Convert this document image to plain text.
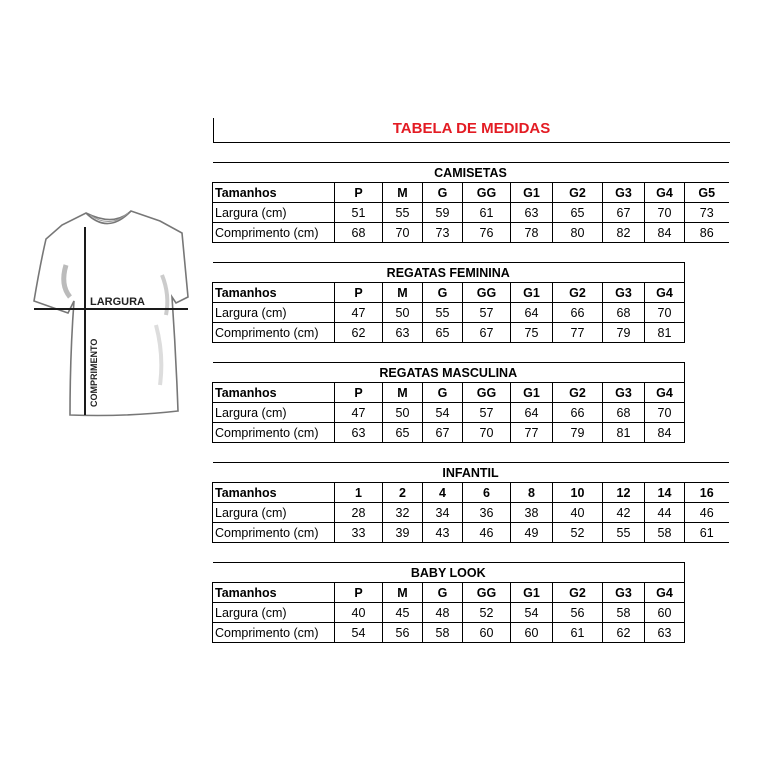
TABELA DE MEDIDAS
LARGURA
COMPRIMENTO
CAMISETAS									
Tamanhos	P	M	G	GG	G1	G2	G3	G4	G5
Largura (cm)	51	55	59	61	63	65	67	70	73
Comprimento (cm)	68	70	73	76	78	80	82	84	86
REGATAS FEMININA								
Tamanhos	P	M	G	GG	G1	G2	G3	G4
Largura (cm)	47	50	55	57	64	66	68	70
Comprimento (cm)	62	63	65	67	75	77	79	81
REGATAS MASCULINA								
Tamanhos	P	M	G	GG	G1	G2	G3	G4
Largura (cm)	47	50	54	57	64	66	68	70
Comprimento (cm)	63	65	67	70	77	79	81	84
INFANTIL									
Tamanhos	1	2	4	6	8	10	12	14	16
Largura (cm)	28	32	34	36	38	40	42	44	46
Comprimento (cm)	33	39	43	46	49	52	55	58	61
BABY LOOK								
Tamanhos	P	M	G	GG	G1	G2	G3	G4
Largura (cm)	40	45	48	52	54	56	58	60
Comprimento (cm)	54	56	58	60	60	61	62	63
